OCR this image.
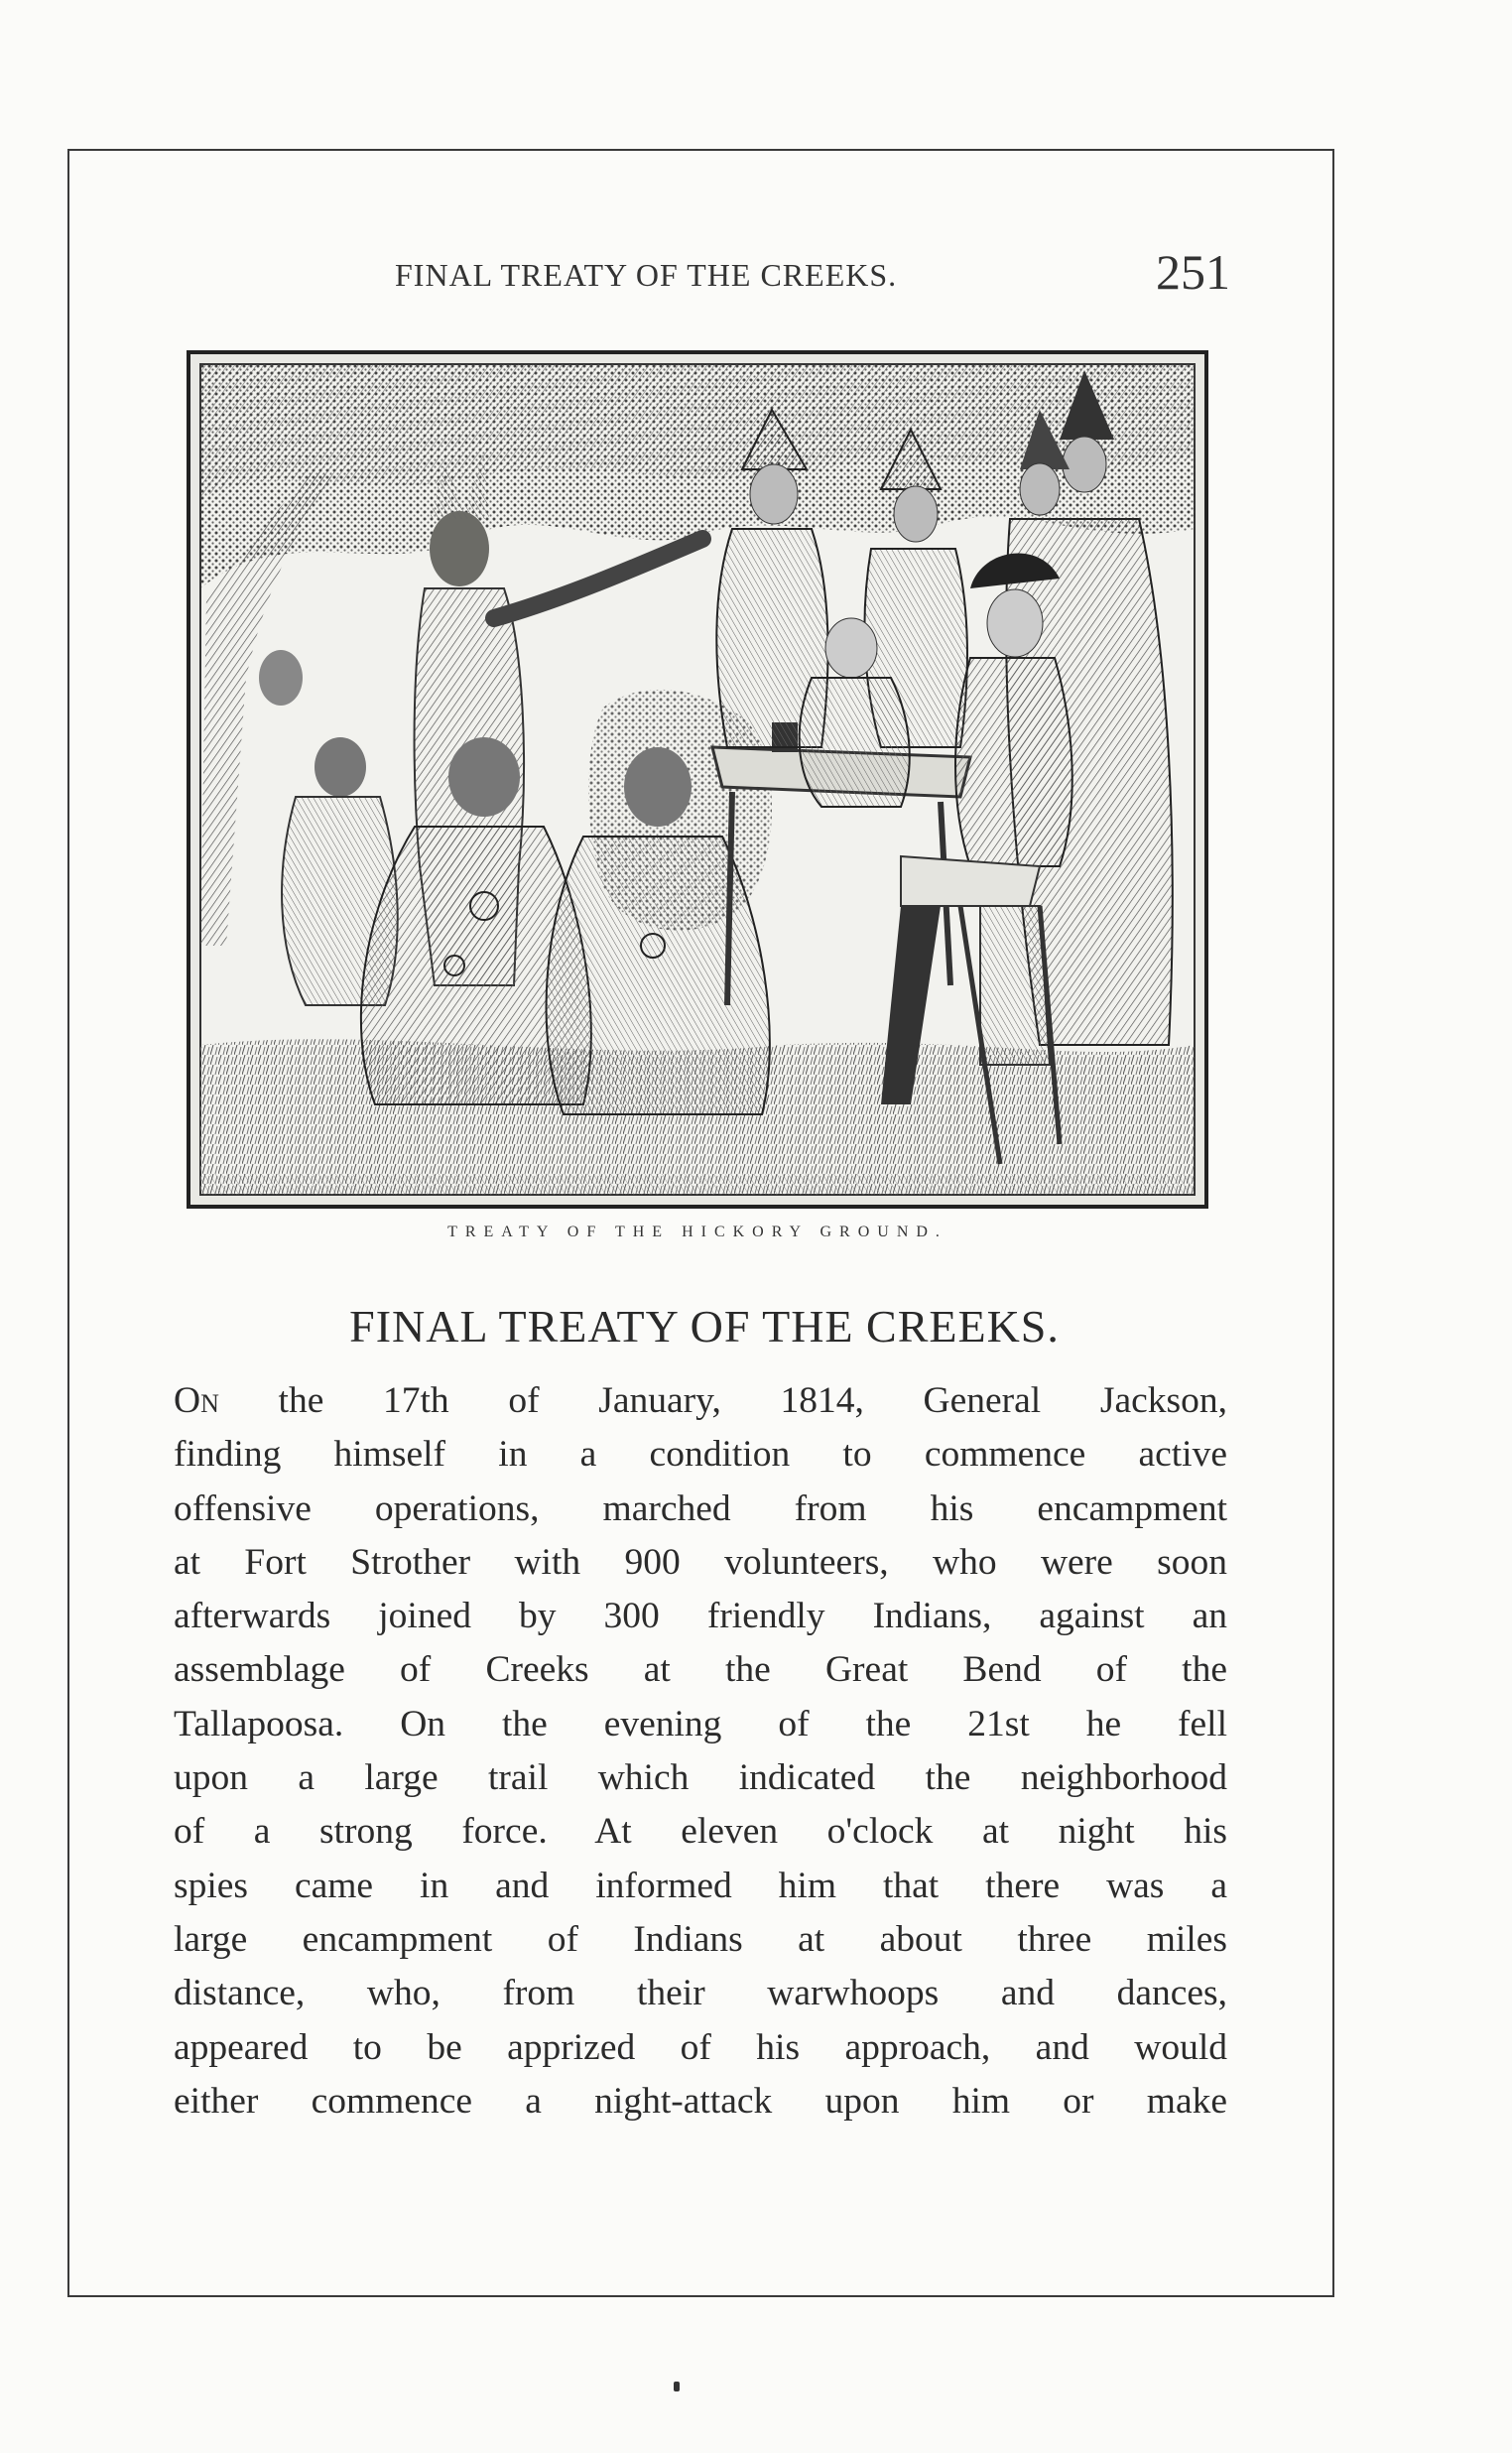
FINAL TREATY OF THE CREEKS.	251
TREATY OF THE HICKORY GROUND.
FINAL TREATY OF THE CREEKS.
On the 17th of January, 1814, General Jackson,
finding himself in a condition to commence active
offensive operations, marched from his encampment
at Fort Strother with 900 volunteers, who were soon
afterwards joined by 300 friendly Indians, against an
assemblage of Creeks at the Great Bend of the
Tallapoosa. On the evening of the 21st he fell
upon a large trail which indicated the neighborhood
of a strong force. At eleven o'clock at night his
spies came in and informed him that there was a
large encampment of Indians at about three miles
distance, who, from their warwhoops and dances,
appeared to be apprized of his approach, and would
either commence a night-attack upon him or make
